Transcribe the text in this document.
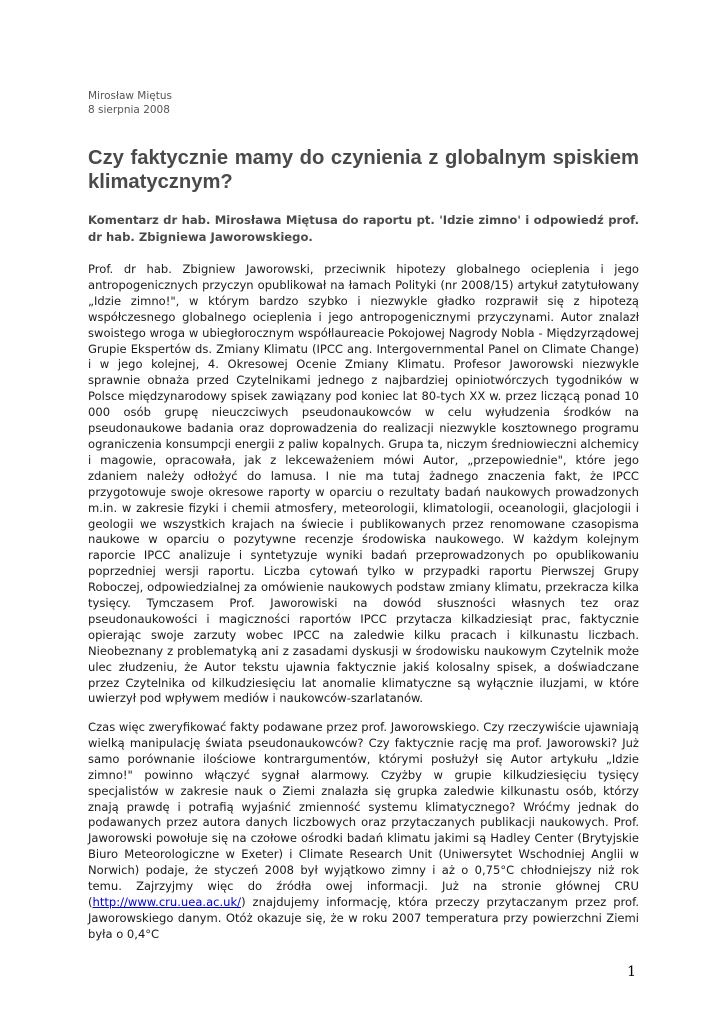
Mirosław Miętus
8 sierpnia 2008
Czy faktycznie mamy do czynienia z globalnym spiskiem klimatycznym?

Komentarz dr hab. Mirosława Miętusa do raportu pt. 'Idzie zimno' i odpowiedź prof. dr hab. Zbigniewa Jaworowskiego.

Prof. dr hab. Zbigniew Jaworowski, przeciwnik hipotezy globalnego ocieplenia i jego antropogenicznych przyczyn opublikował na łamach Polityki (nr 2008/15) artykuł zatytułowany „Idzie zimno!", w którym bardzo szybko i niezwykle gładko rozprawił się z hipotezą współczesnego globalnego ocieplenia i jego antropogenicznymi przyczynami. Autor znalazł swoistego wroga w ubiegłorocznym współlaureacie Pokojowej Nagrody Nobla - Międzyrządowej Grupie Ekspertów ds. Zmiany Klimatu (IPCC ang. Intergovernmental Panel on Climate Change) i w jego kolejnej, 4. Okresowej Ocenie Zmiany Klimatu. Profesor Jaworowski niezwykle sprawnie obnaża przed Czytelnikami jednego z najbardziej opiniotwórczych tygodników w Polsce międzynarodowy spisek zawiązany pod koniec lat 80-tych XX w. przez liczącą ponad 10 000 osób grupę nieuczciwych pseudonaukowców w celu wyłudzenia środków na pseudonaukowe badania oraz doprowadzenia do realizacji niezwykle kosztownego programu ograniczenia konsumpcji energii z paliw kopalnych. Grupa ta, niczym średniowieczni alchemicy i magowie, opracowała, jak z lekceważeniem mówi Autor, „przepowiednie", które jego zdaniem należy odłożyć do lamusa. I nie ma tutaj żadnego znaczenia fakt, że IPCC przygotowuje swoje okresowe raporty w oparciu o rezultaty badań naukowych prowadzonych m.in. w zakresie fizyki i chemii atmosfery, meteorologii, klimatologii, oceanologii, glacjologii i geologii we wszystkich krajach na świecie i publikowanych przez renomowane czasopisma naukowe w oparciu o pozytywne recenzje środowiska naukowego. W każdym kolejnym raporcie IPCC analizuje i syntetyzuje wyniki badań przeprowadzonych po opublikowaniu poprzedniej wersji raportu. Liczba cytowań tylko w przypadki raportu Pierwszej Grupy Roboczej, odpowiedzialnej za omówienie naukowych podstaw zmiany klimatu, przekracza kilka tysięcy. Tymczasem Prof. Jaworowiski na dowód słuszności własnych tez oraz pseudonaukowości i magiczności raportów IPCC przytacza kilkadziesiąt prac, faktycznie opierając swoje zarzuty wobec IPCC na zaledwie kilku pracach i kilkunastu liczbach. Nieobeznany z problematyką ani z zasadami dyskusji w środowisku naukowym Czytelnik może ulec złudzeniu, że Autor tekstu ujawnia faktycznie jakiś kolosalny spisek, a doświadczane przez Czytelnika od kilkudziesięciu lat anomalie klimatyczne są wyłącznie iluzjami, w które uwierzył pod wpływem mediów i naukowców-szarlatanów.

Czas więc zweryfikować fakty podawane przez prof. Jaworowskiego. Czy rzeczywiście ujawniają wielką manipulację świata pseudonaukowców? Czy faktycznie rację ma prof. Jaworowski? Już samo porównanie ilościowe kontrargumentów, którymi posłużył się Autor artykułu „Idzie zimno!" powinno włączyć sygnał alarmowy. Czyżby w grupie kilkudziesięciu tysięcy specjalistów w zakresie nauk o Ziemi znalazła się grupka zaledwie kilkunastu osób, którzy znają prawdę i potrafią wyjaśnić zmienność systemu klimatycznego? Wróćmy jednak do podawanych przez autora danych liczbowych oraz przytaczanych publikacji naukowych. Prof. Jaworowski powołuje się na czołowe ośrodki badań klimatu jakimi są Hadley Center (Brytyjskie Biuro Meteorologiczne w Exeter) i Climate Research Unit (Uniwersytet Wschodniej Anglii w Norwich) podaje, że styczeń 2008 był wyjątkowo zimny i aż o 0,75°C chłodniejszy niż rok temu. Zajrzyjmy więc do źródła owej informacji. Już na stronie głównej CRU (http://www.cru.uea.ac.uk/) znajdujemy informację, która przeczy przytaczanym przez prof. Jaworowskiego danym. Otóż okazuje się, że w roku 2007 temperatura przy powierzchni Ziemi była o 0,4°C

1
